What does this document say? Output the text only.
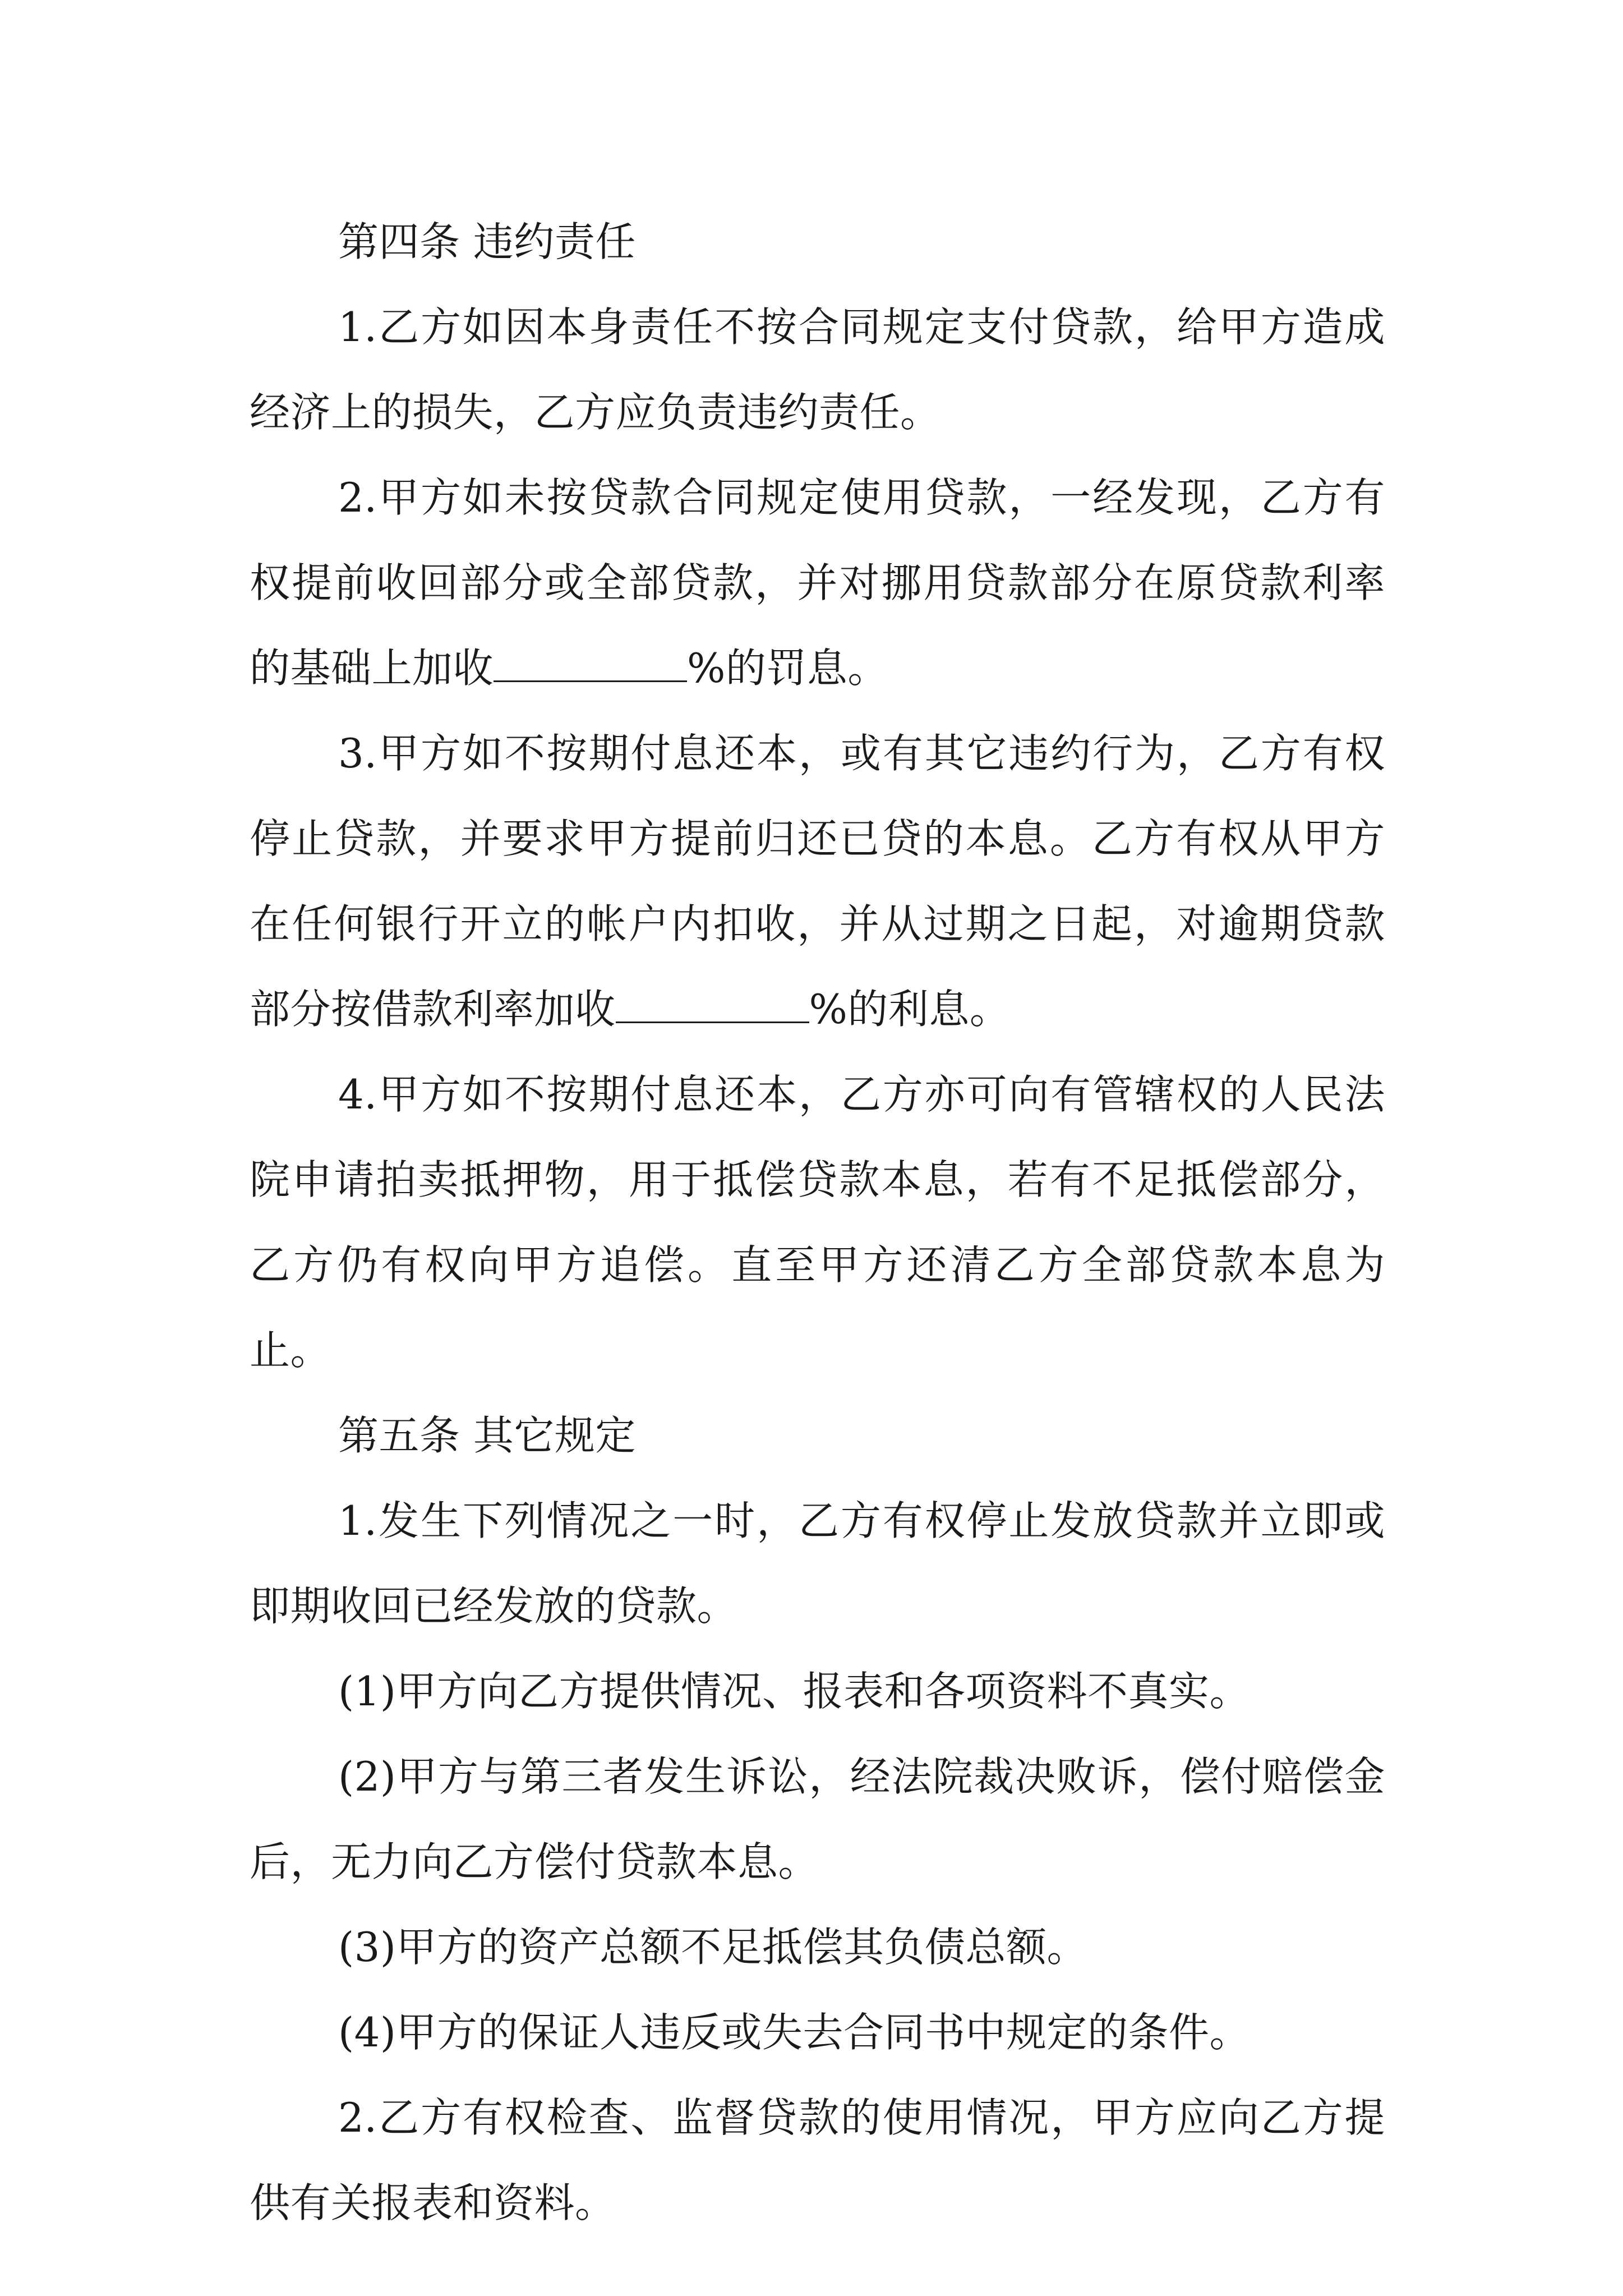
第四条 违约责任

1.乙方如因本身责任不按合同规定支付贷款，给甲方造成经济上的损失，乙方应负责违约责任。

2.甲方如未按贷款合同规定使用贷款，一经发现，乙方有权提前收回部分或全部贷款，并对挪用贷款部分在原贷款利率的基础上加收	%的罚息。

3.甲方如不按期付息还本，或有其它违约行为，乙方有权停止贷款，并要求甲方提前归还已贷的本息。乙方有权从甲方在任何银行开立的帐户内扣收，并从过期之日起，对逾期贷款部分按借款利率加收	%的利息。

4.甲方如不按期付息还本，乙方亦可向有管辖权的人民法院申请拍卖抵押物，用于抵偿贷款本息，若有不足抵偿部分，乙方仍有权向甲方追偿。直至甲方还清乙方全部贷款本息为止。

第五条 其它规定

1.发生下列情况之一时，乙方有权停止发放贷款并立即或即期收回已经发放的贷款。

(1)甲方向乙方提供情况、报表和各项资料不真实。

(2)甲方与第三者发生诉讼，经法院裁决败诉，偿付赔偿金后，无力向乙方偿付贷款本息。

(3)甲方的资产总额不足抵偿其负债总额。

(4)甲方的保证人违反或失去合同书中规定的条件。

2.乙方有权检查、监督贷款的使用情况，甲方应向乙方提供有关报表和资料。
